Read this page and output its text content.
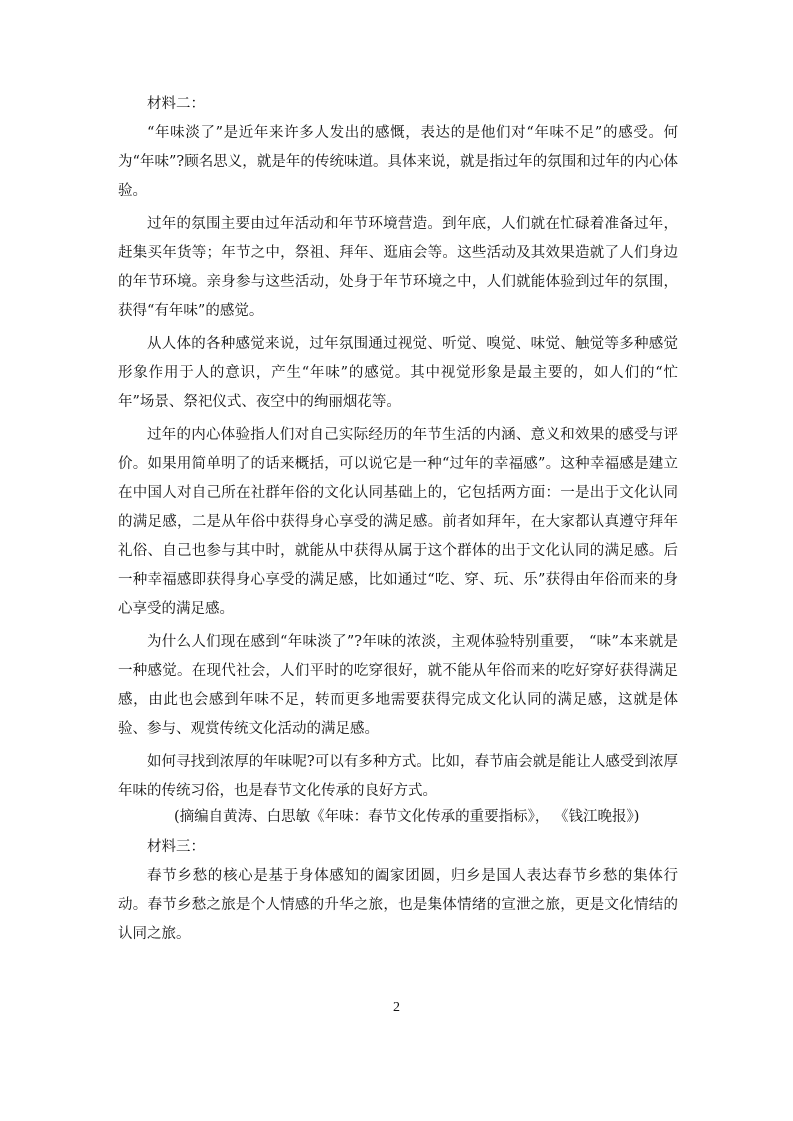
材料二：

“年味淡了”是近年来许多人发出的感慨，表达的是他们对“年味不足”的感受。何为“年味”?顾名思义，就是年的传统味道。具体来说，就是指过年的氛围和过年的内心体验。

过年的氛围主要由过年活动和年节环境营造。到年底，人们就在忙碌着准备过年，赶集买年货等；年节之中，祭祖、拜年、逛庙会等。这些活动及其效果造就了人们身边的年节环境。亲身参与这些活动，处身于年节环境之中，人们就能体验到过年的氛围，获得“有年味”的感觉。

从人体的各种感觉来说，过年氛围通过视觉、听觉、嗅觉、味觉、触觉等多种感觉形象作用于人的意识，产生“年味”的感觉。其中视觉形象是最主要的，如人们的“忙年”场景、祭祀仪式、夜空中的绚丽烟花等。

过年的内心体验指人们对自己实际经历的年节生活的内涵、意义和效果的感受与评价。如果用简单明了的话来概括，可以说它是一种“过年的幸福感”。这种幸福感是建立在中国人对自己所在社群年俗的文化认同基础上的，它包括两方面：一是出于文化认同的满足感，二是从年俗中获得身心享受的满足感。前者如拜年，在大家都认真遵守拜年礼俗、自己也参与其中时，就能从中获得从属于这个群体的出于文化认同的满足感。后一种幸福感即获得身心享受的满足感，比如通过“吃、穿、玩、乐”获得由年俗而来的身心享受的满足感。

为什么人们现在感到“年味淡了”?年味的浓淡，主观体验特别重要， “味”本来就是一种感觉。在现代社会，人们平时的吃穿很好，就不能从年俗而来的吃好穿好获得满足感，由此也会感到年味不足，转而更多地需要获得完成文化认同的满足感，这就是体验、参与、观赏传统文化活动的满足感。

如何寻找到浓厚的年味呢?可以有多种方式。比如，春节庙会就是能让人感受到浓厚年味的传统习俗，也是春节文化传承的良好方式。

(摘编自黄涛、白思敏《年味：春节文化传承的重要指标》， 《钱江晚报》)

材料三：

春节乡愁的核心是基于身体感知的阖家团圆，归乡是国人表达春节乡愁的集体行动。春节乡愁之旅是个人情感的升华之旅，也是集体情绪的宣泄之旅，更是文化情结的认同之旅。

2
